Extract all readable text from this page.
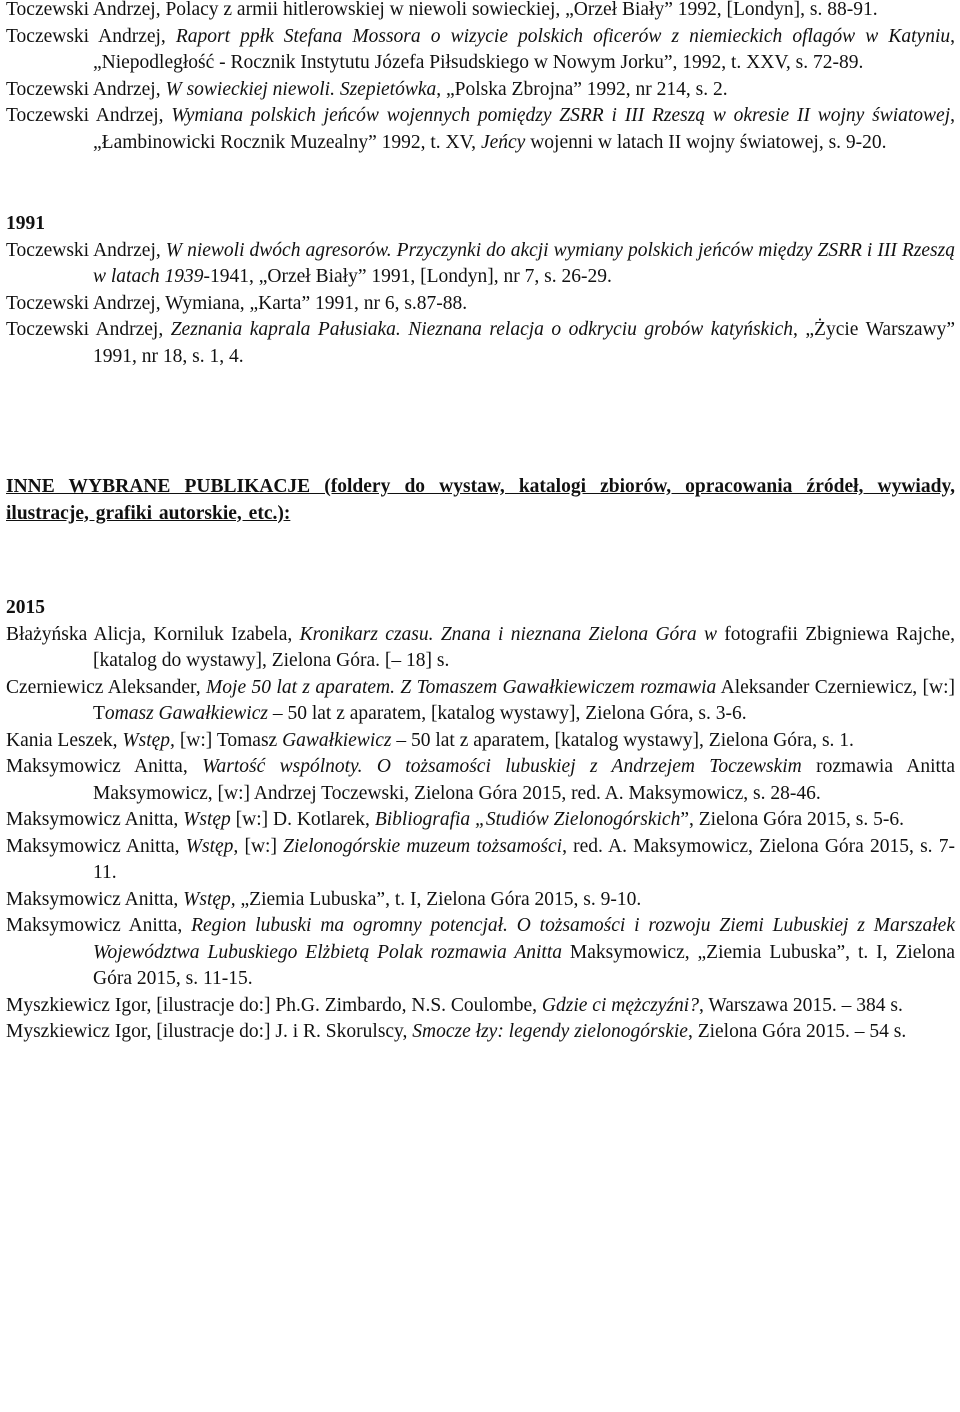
Toczewski Andrzej, Polacy z armii hitlerowskiej w niewoli sowieckiej, „Orzeł Biały” 1992, [Londyn], s. 88-91.

Toczewski Andrzej, Raport ppłk Stefana Mossora o wizycie polskich oficerów z niemieckich oflagów w Katyniu, „Niepodległość - Rocznik Instytutu Józefa Piłsudskiego w Nowym Jorku”, 1992, t. XXV, s. 72-89.

Toczewski Andrzej, W sowieckiej niewoli. Szepietówka, „Polska Zbrojna” 1992, nr 214, s. 2.

Toczewski Andrzej, Wymiana polskich jeńców wojennych pomiędzy ZSRR i III Rzeszą w okresie II wojny światowej, „Łambinowicki Rocznik Muzealny” 1992, t. XV, Jeńcy wojenni w latach II wojny światowej, s. 9-20.

1991

Toczewski Andrzej, W niewoli dwóch agresorów. Przyczynki do akcji wymiany polskich jeńców między ZSRR i III Rzeszą w latach 1939-1941, „Orzeł Biały” 1991, [Londyn], nr 7, s. 26-29.

Toczewski Andrzej, Wymiana, „Karta” 1991, nr 6, s.87-88.

Toczewski Andrzej, Zeznania kaprala Pałusiaka. Nieznana relacja o odkryciu grobów katyńskich, „Życie Warszawy” 1991, nr 18, s. 1, 4.

INNE WYBRANE PUBLIKACJE (foldery do wystaw, katalogi zbiorów, opracowania źródeł, wywiady, ilustracje, grafiki autorskie, etc.):

2015

Błażyńska Alicja, Korniluk Izabela, Kronikarz czasu. Znana i nieznana Zielona Góra w fotografii Zbigniewa Rajche, [katalog do wystawy], Zielona Góra. [– 18] s.

Czerniewicz Aleksander, Moje 50 lat z aparatem. Z Tomaszem Gawałkiewiczem rozmawia Aleksander Czerniewicz, [w:] Tomasz Gawałkiewicz – 50 lat z aparatem, [katalog wystawy], Zielona Góra, s. 3-6.

Kania Leszek, Wstęp, [w:] Tomasz Gawałkiewicz – 50 lat z aparatem, [katalog wystawy], Zielona Góra, s. 1.

Maksymowicz Anitta, Wartość wspólnoty. O tożsamości lubuskiej z Andrzejem Toczewskim rozmawia Anitta Maksymowicz, [w:] Andrzej Toczewski, Zielona Góra 2015, red. A. Maksymowicz, s. 28-46.

Maksymowicz Anitta, Wstęp [w:] D. Kotlarek, Bibliografia „Studiów Zielonogórskich”, Zielona Góra 2015, s. 5-6.

Maksymowicz Anitta, Wstęp, [w:] Zielonogórskie muzeum tożsamości, red. A. Maksymowicz, Zielona Góra 2015, s. 7-11.

Maksymowicz Anitta, Wstęp, „Ziemia Lubuska”, t. I, Zielona Góra 2015, s. 9-10.

Maksymowicz Anitta, Region lubuski ma ogromny potencjał. O tożsamości i rozwoju Ziemi Lubuskiej z Marszałek Województwa Lubuskiego Elżbietą Polak rozmawia Anitta Maksymowicz, „Ziemia Lubuska”, t. I, Zielona Góra 2015, s. 11-15.

Myszkiewicz Igor, [ilustracje do:] Ph.G. Zimbardo, N.S. Coulombe, Gdzie ci mężczyźni?, Warszawa 2015. – 384 s.

Myszkiewicz Igor, [ilustracje do:] J. i R. Skorulscy, Smocze łzy: legendy zielonogórskie, Zielona Góra 2015. – 54 s.
